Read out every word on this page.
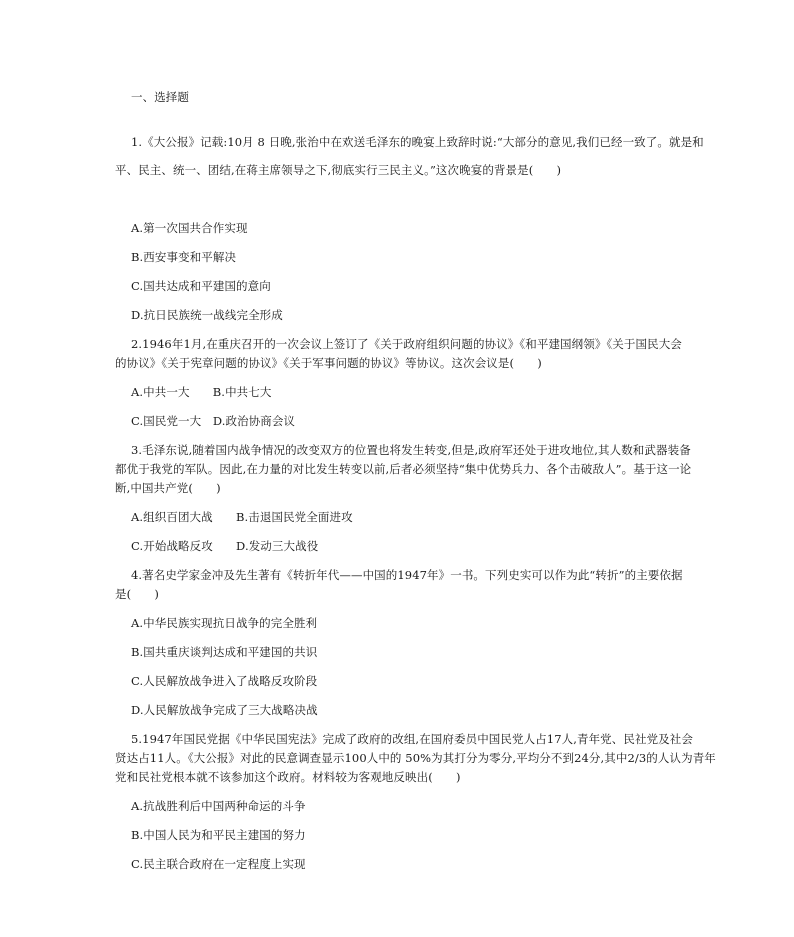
一、选择题
1.《大公报》记载:10月 8 日晚,张治中在欢送毛泽东的晚宴上致辞时说:“大部分的意见,我们已经一致了。就是和
平、民主、统一、团结,在蒋主席领导之下,彻底实行三民主义。”这次晚宴的背景是(　　)
A.第一次国共合作实现
B.西安事变和平解决
C.国共达成和平建国的意向
D.抗日民族统一战线完全形成
2.1946年1月,在重庆召开的一次会议上签订了《关于政府组织问题的协议》《和平建国纲领》《关于国民大会
的协议》《关于宪章问题的协议》《关于军事问题的协议》等协议。这次会议是(　　)
A.中共一大　　B.中共七大
C.国民党一大　D.政治协商会议
3.毛泽东说,随着国内战争情况的改变双方的位置也将发生转变,但是,政府军还处于进攻地位,其人数和武器装备
都优于我党的军队。因此,在力量的对比发生转变以前,后者必须坚持“集中优势兵力、各个击破敌人”。基于这一论
断,中国共产党(　　)
A.组织百团大战　　B.击退国民党全面进攻
C.开始战略反攻　　D.发动三大战役
4.著名史学家金冲及先生著有《转折年代——中国的1947年》一书。下列史实可以作为此“转折”的主要依据
是(　　)
A.中华民族实现抗日战争的完全胜利
B.国共重庆谈判达成和平建国的共识
C.人民解放战争进入了战略反攻阶段
D.人民解放战争完成了三大战略决战
5.1947年国民党据《中华民国宪法》完成了政府的改组,在国府委员中国民党人占17人,青年党、民社党及社会
贤达占11人。《大公报》对此的民意调查显示100人中的 50%为其打分为零分,平均分不到24分,其中2/3的人认为青年
党和民社党根本就不该参加这个政府。材料较为客观地反映出(　　)
A.抗战胜利后中国两种命运的斗争
B.中国人民为和平民主建国的努力
C.民主联合政府在一定程度上实现
